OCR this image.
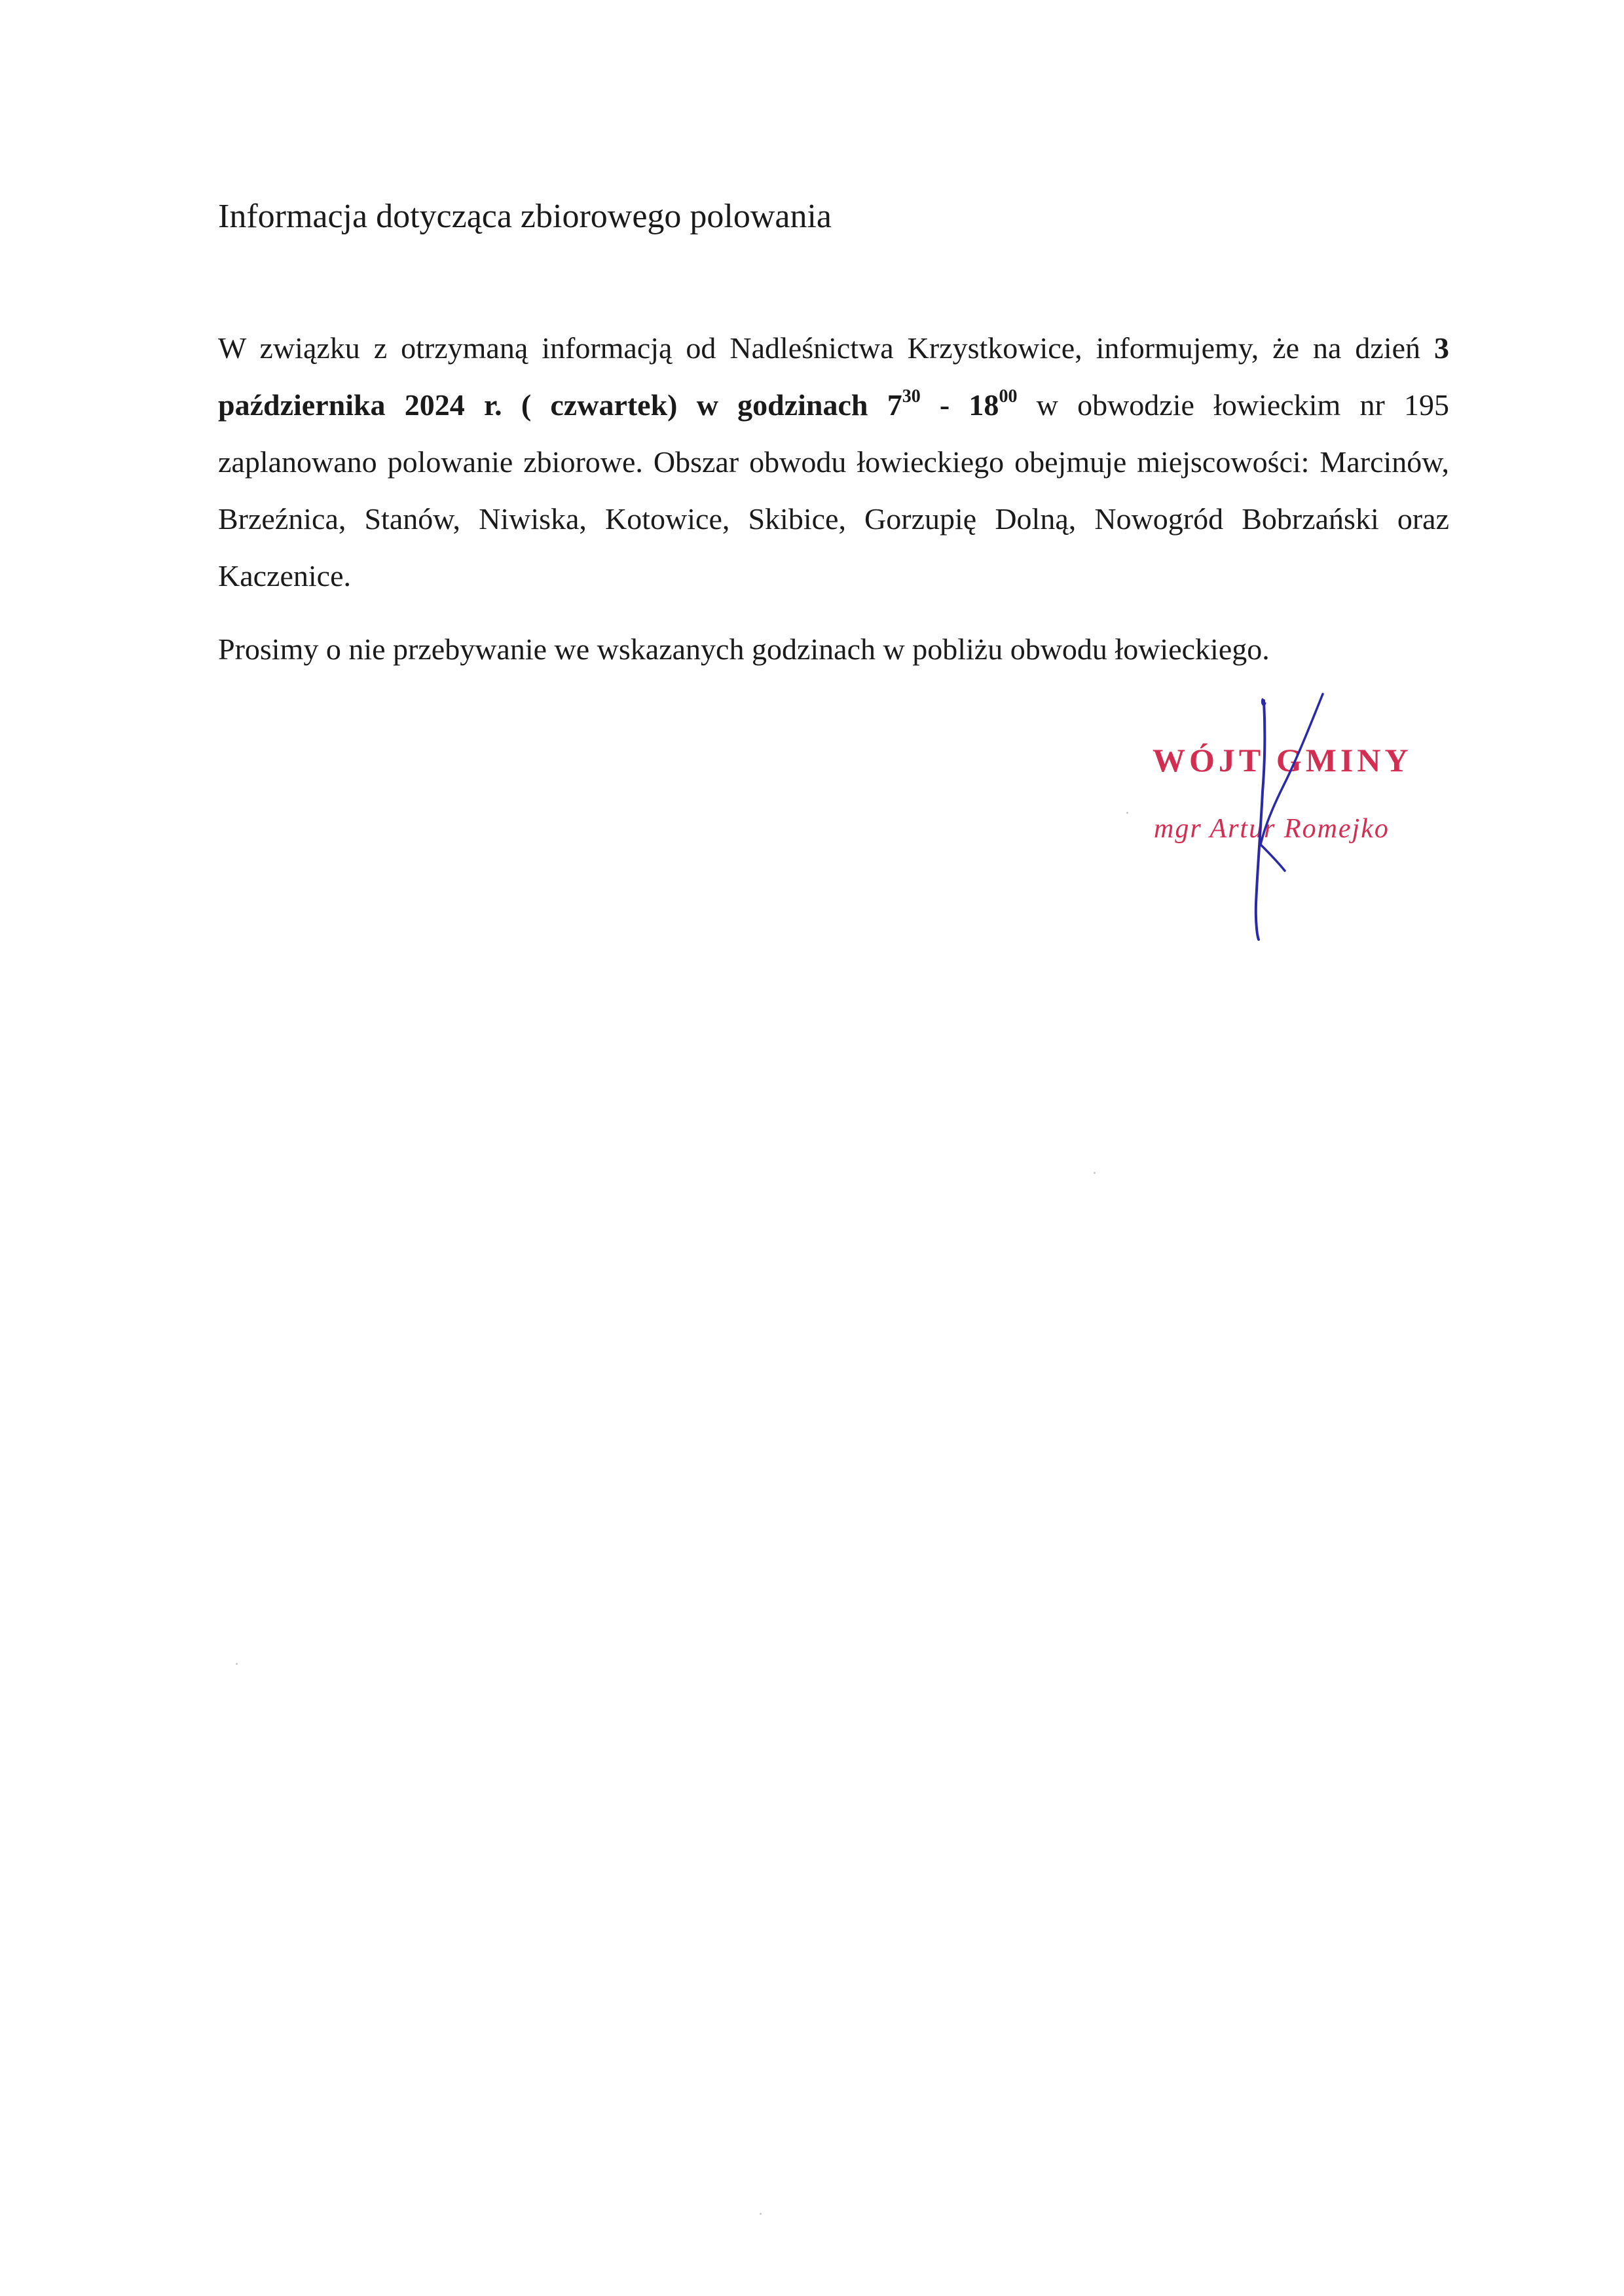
Informacja dotycząca zbiorowego polowania

W związku z otrzymaną informacją od Nadleśnictwa Krzystkowice, informujemy, że na dzień 3 października 2024 r. ( czwartek) w godzinach $7^{30} - 18^{00}$ w obwodzie łowieckim nr 195 zaplanowano polowanie zbiorowe. Obszar obwodu łowieckiego obejmuje miejscowości: Marcinów, Brzeźnica, Stanów, Niwiska, Kotowice, Skibice, Gorzupię Dolną, Nowogród Bobrzański oraz Kaczenice.

Prosimy o nie przebywanie we wskazanych godzinach w pobliżu obwodu łowieckiego.

WÓJT GMINY
mgr Artur Romejko
